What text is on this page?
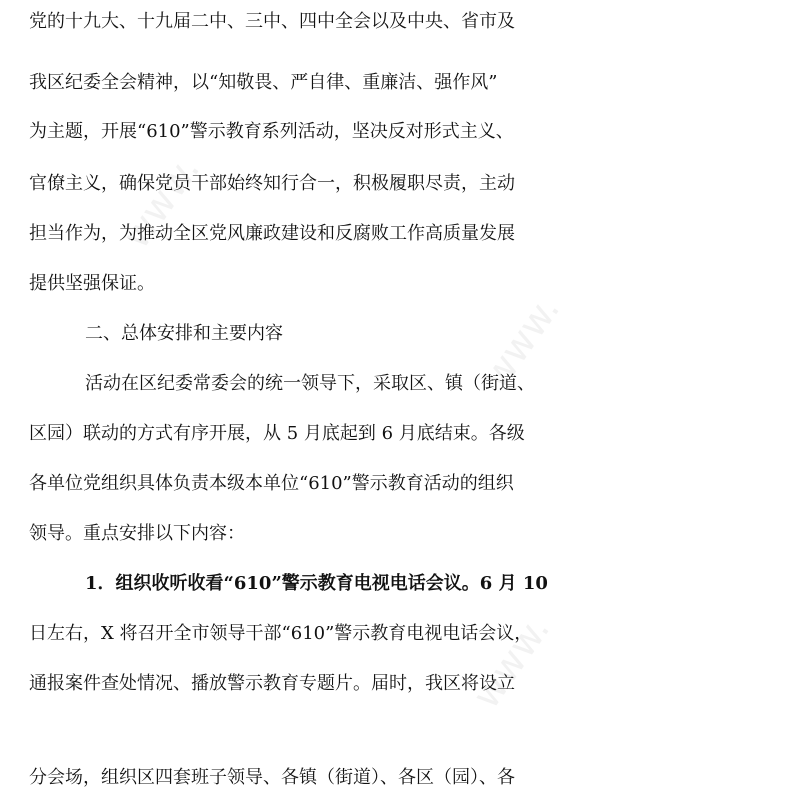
www.
www.
www.
党的十九大、十九届二中、三中、四中全会以及中央、省市及
我区纪委全会精神，以“知敬畏、严自律、重廉洁、强作风”
为主题，开展“610”警示教育系列活动，坚决反对形式主义、
官僚主义，确保党员干部始终知行合一，积极履职尽责，主动
担当作为，为推动全区党风廉政建设和反腐败工作高质量发展
提供坚强保证。
二、总体安排和主要内容
活动在区纪委常委会的统一领导下，采取区、镇（街道、
区园）联动的方式有序开展，从 5 月底起到 6 月底结束。各级
各单位党组织具体负责本级本单位“610”警示教育活动的组织
领导。重点安排以下内容：
1．组织收听收看“610”警示教育电视电话会议。6 月 10
日左右，X 将召开全市领导干部“610”警示教育电视电话会议，
通报案件查处情况、播放警示教育专题片。届时，我区将设立
分会场，组织区四套班子领导、各镇（街道）、各区（园）、各
